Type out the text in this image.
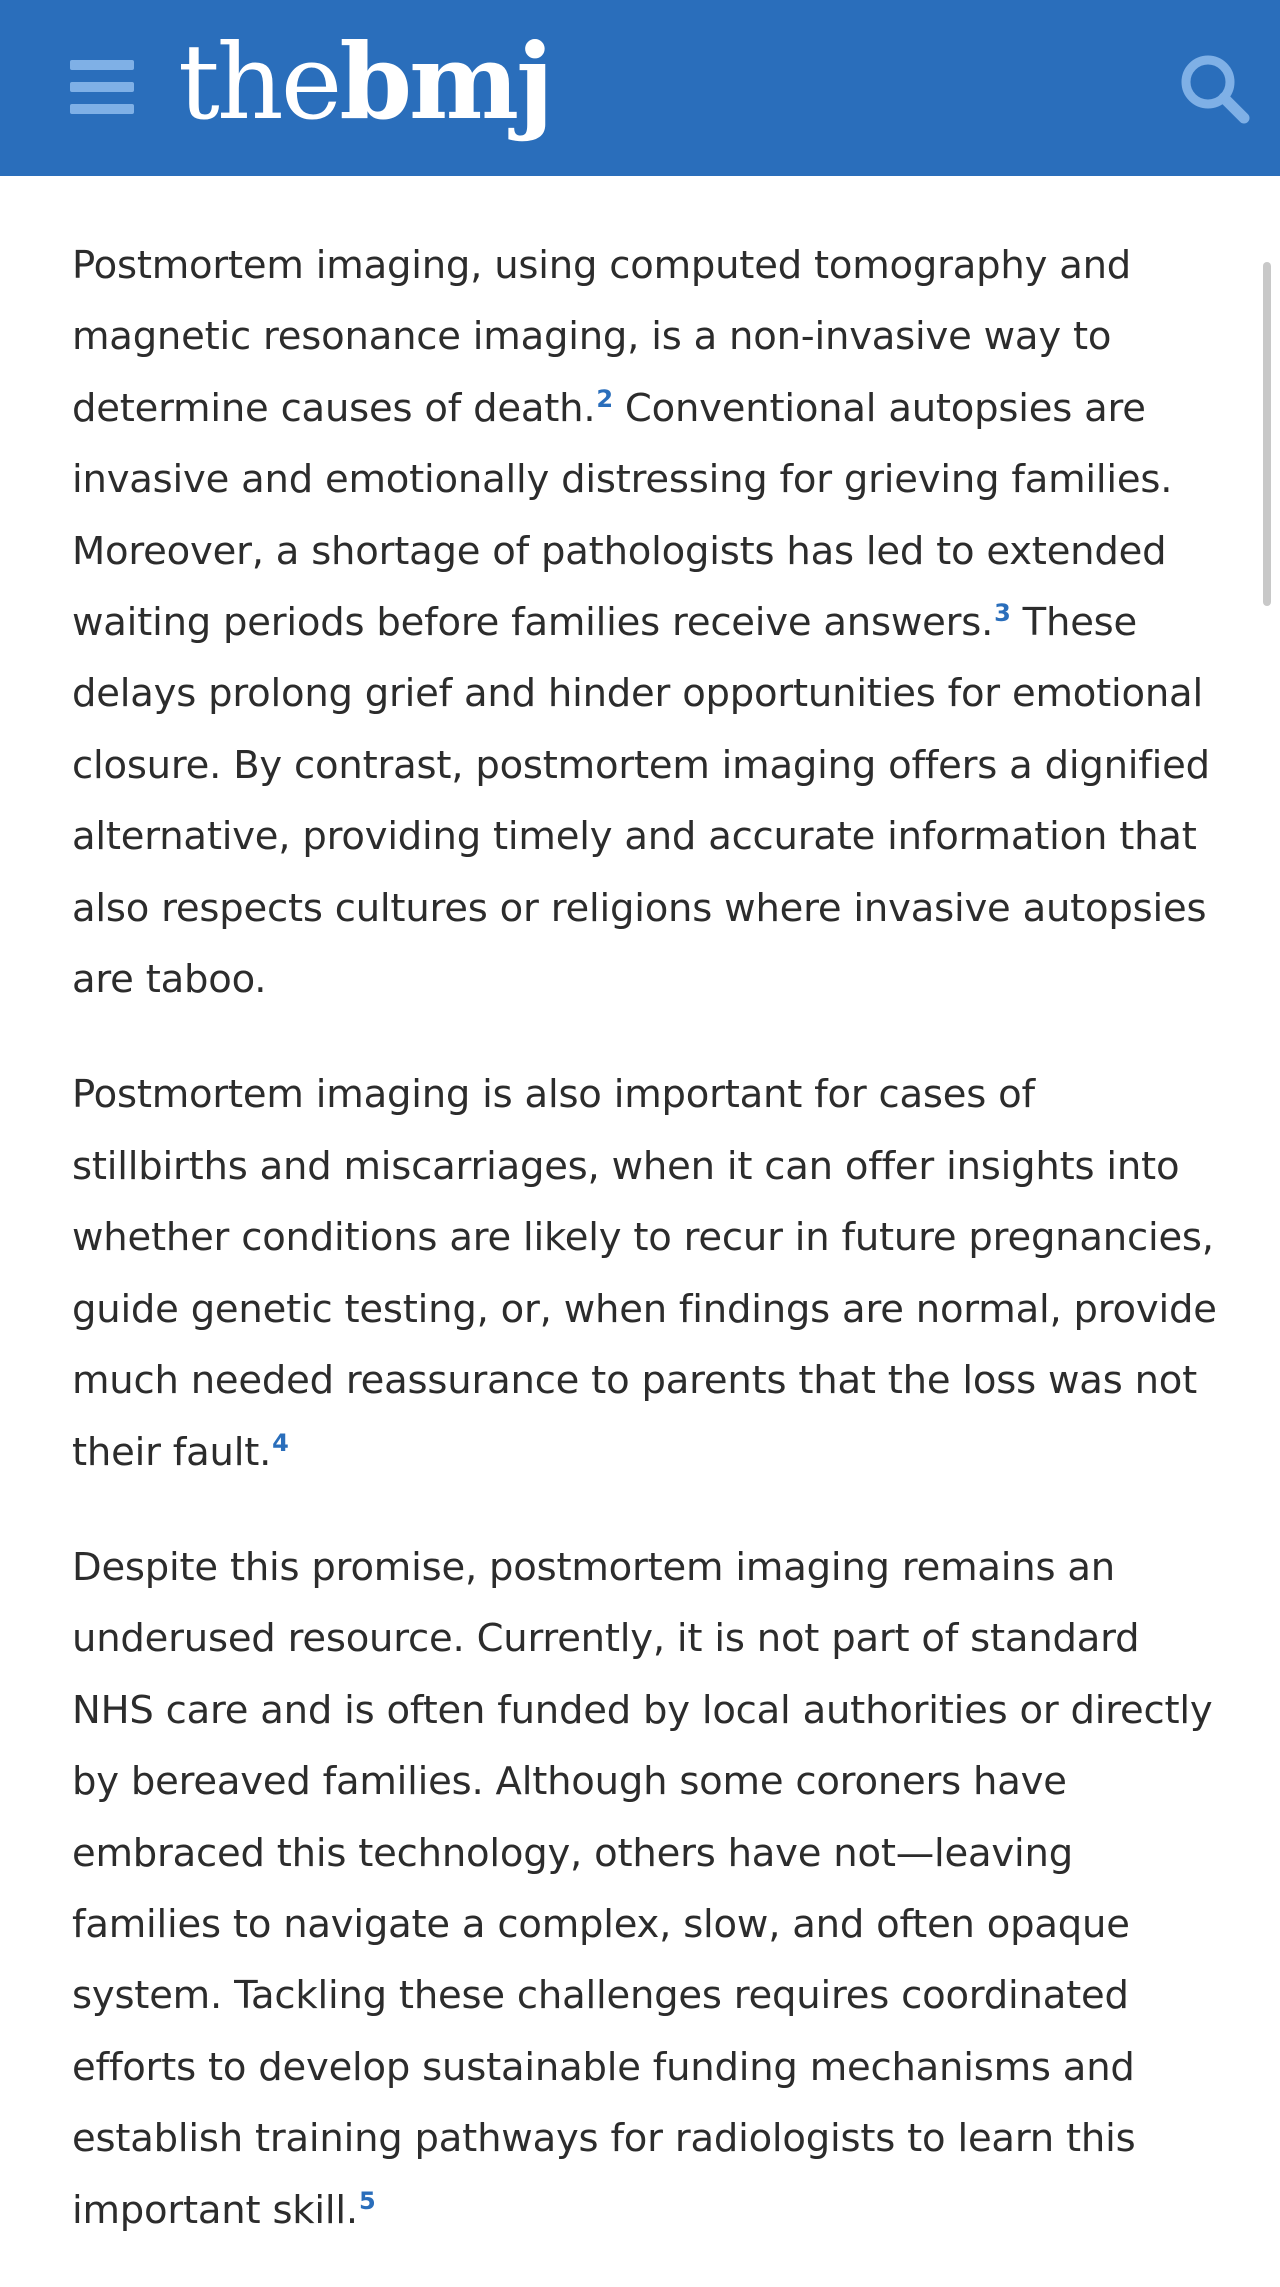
thebmj

Postmortem imaging, using computed tomography and magnetic resonance imaging, is a non-invasive way to determine causes of death.$^2$ Conventional autopsies are invasive and emotionally distressing for grieving families. Moreover, a shortage of pathologists has led to extended waiting periods before families receive answers.$^3$ These delays prolong grief and hinder opportunities for emotional closure. By contrast, postmortem imaging offers a dignified alternative, providing timely and accurate information that also respects cultures or religions where invasive autopsies are taboo.

Postmortem imaging is also important for cases of stillbirths and miscarriages, when it can offer insights into whether conditions are likely to recur in future pregnancies, guide genetic testing, or, when findings are normal, provide much needed reassurance to parents that the loss was not their fault.$^4$

Despite this promise, postmortem imaging remains an underused resource. Currently, it is not part of standard NHS care and is often funded by local authorities or directly by bereaved families. Although some coroners have embraced this technology, others have not—leaving families to navigate a complex, slow, and often opaque system. Tackling these challenges requires coordinated efforts to develop sustainable funding mechanisms and establish training pathways for radiologists to learn this important skill.$^5$
